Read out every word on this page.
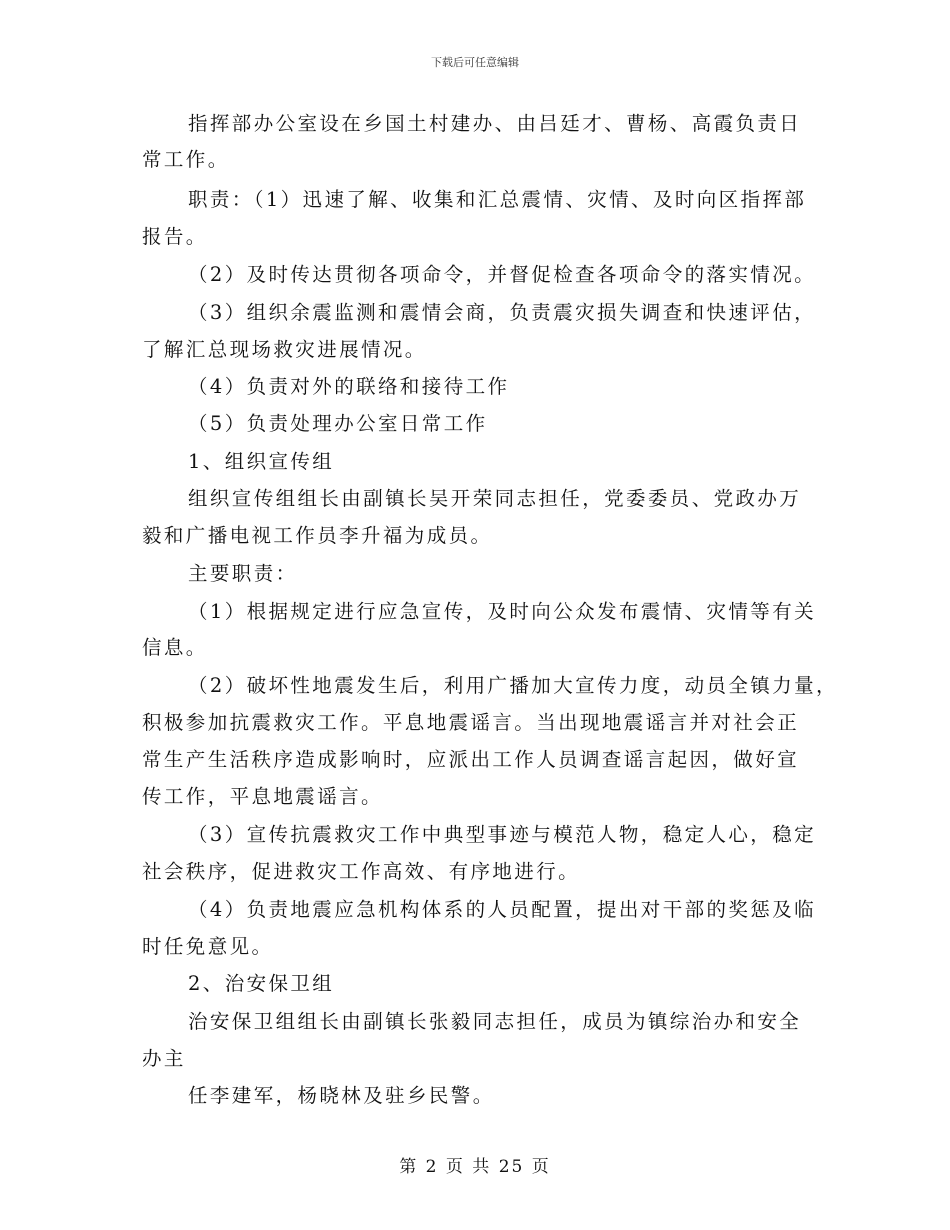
下载后可任意编辑
指挥部办公室设在乡国土村建办、由吕廷才、曹杨、高霞负责日
常工作。
职责：（1）迅速了解、收集和汇总震情、灾情、及时向区指挥部
报告。
（2）及时传达贯彻各项命令，并督促检查各项命令的落实情况。
（3）组织余震监测和震情会商，负责震灾损失调查和快速评估，
了解汇总现场救灾进展情况。
（4）负责对外的联络和接待工作
（5）负责处理办公室日常工作
1、组织宣传组
组织宣传组组长由副镇长吴开荣同志担任，党委委员、党政办万
毅和广播电视工作员李升福为成员。
主要职责：
（1）根据规定进行应急宣传，及时向公众发布震情、灾情等有关
信息。
（2）破坏性地震发生后，利用广播加大宣传力度，动员全镇力量，
积极参加抗震救灾工作。平息地震谣言。当出现地震谣言并对社会正
常生产生活秩序造成影响时，应派出工作人员调查谣言起因，做好宣
传工作，平息地震谣言。
（3）宣传抗震救灾工作中典型事迹与模范人物，稳定人心，稳定
社会秩序，促进救灾工作高效、有序地进行。
（4）负责地震应急机构体系的人员配置，提出对干部的奖惩及临
时任免意见。
2、治安保卫组
治安保卫组组长由副镇长张毅同志担任，成员为镇综治办和安全
办主
任李建军，杨晓林及驻乡民警。
第 2 页 共 25 页
